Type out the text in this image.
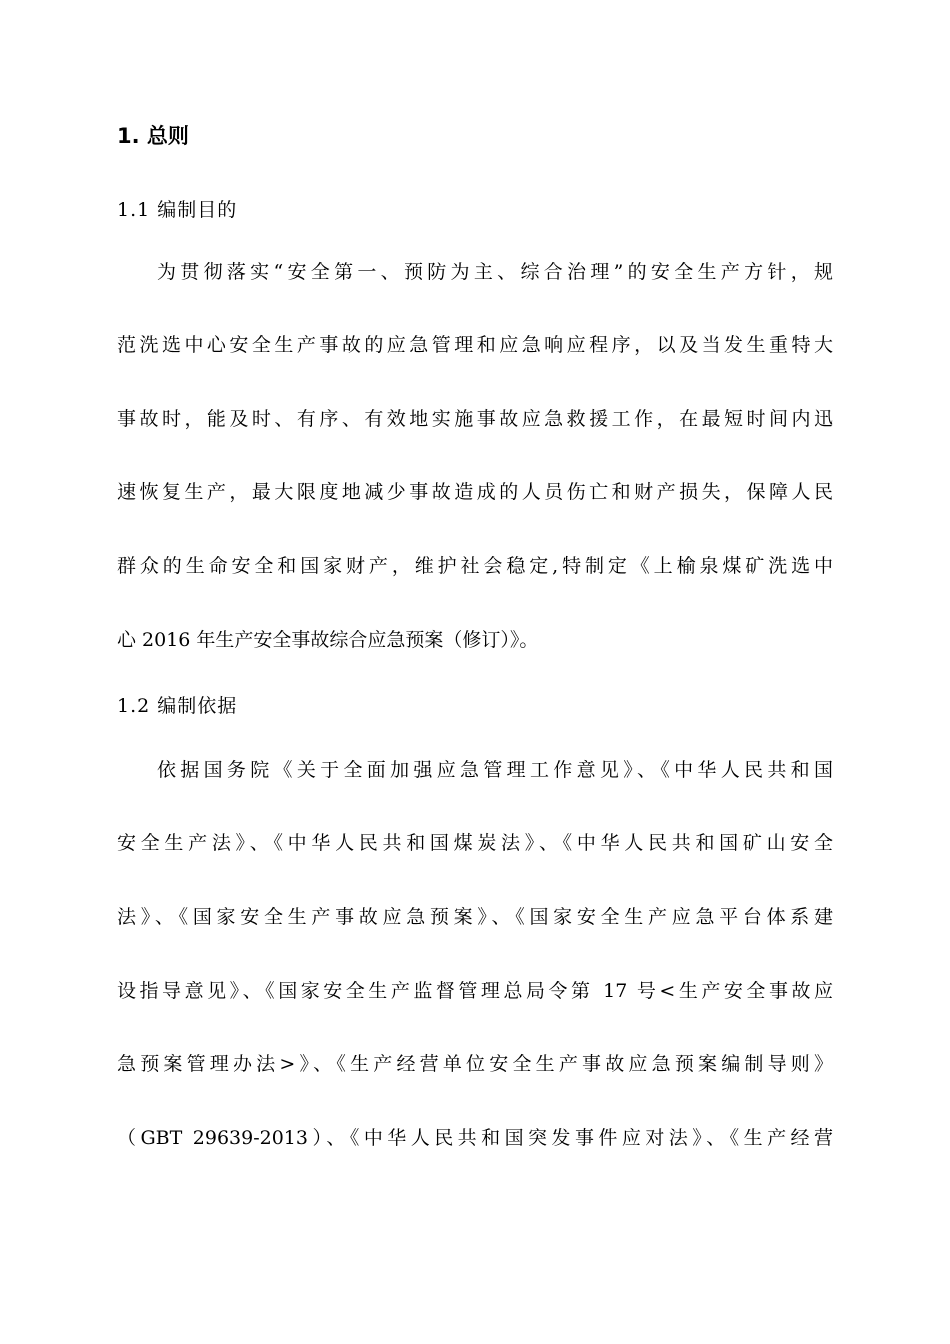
1. 总则
1.1 编制目的
为贯彻落实“安全第一、预防为主、综合治理”的安全生产方针，规
范洗选中心安全生产事故的应急管理和应急响应程序，以及当发生重特大
事故时，能及时、有序、有效地实施事故应急救援工作，在最短时间内迅
速恢复生产，最大限度地减少事故造成的人员伤亡和财产损失，保障人民
群众的生命安全和国家财产，维护社会稳定,特制定《上榆泉煤矿洗选中
心 2016 年生产安全事故综合应急预案（修订）》。
1.2 编制依据
依据国务院《关于全面加强应急管理工作意见》、《中华人民共和国
安全生产法》、《中华人民共和国煤炭法》、《中华人民共和国矿山安全
法》、《国家安全生产事故应急预案》、《国家安全生产应急平台体系建
设指导意见》、《国家安全生产监督管理总局令第 17 号<生产安全事故应
急预案管理办法>》、《生产经营单位安全生产事故应急预案编制导则》
（GBT 29639-2013）、《中华人民共和国突发事件应对法》、《生产经营
